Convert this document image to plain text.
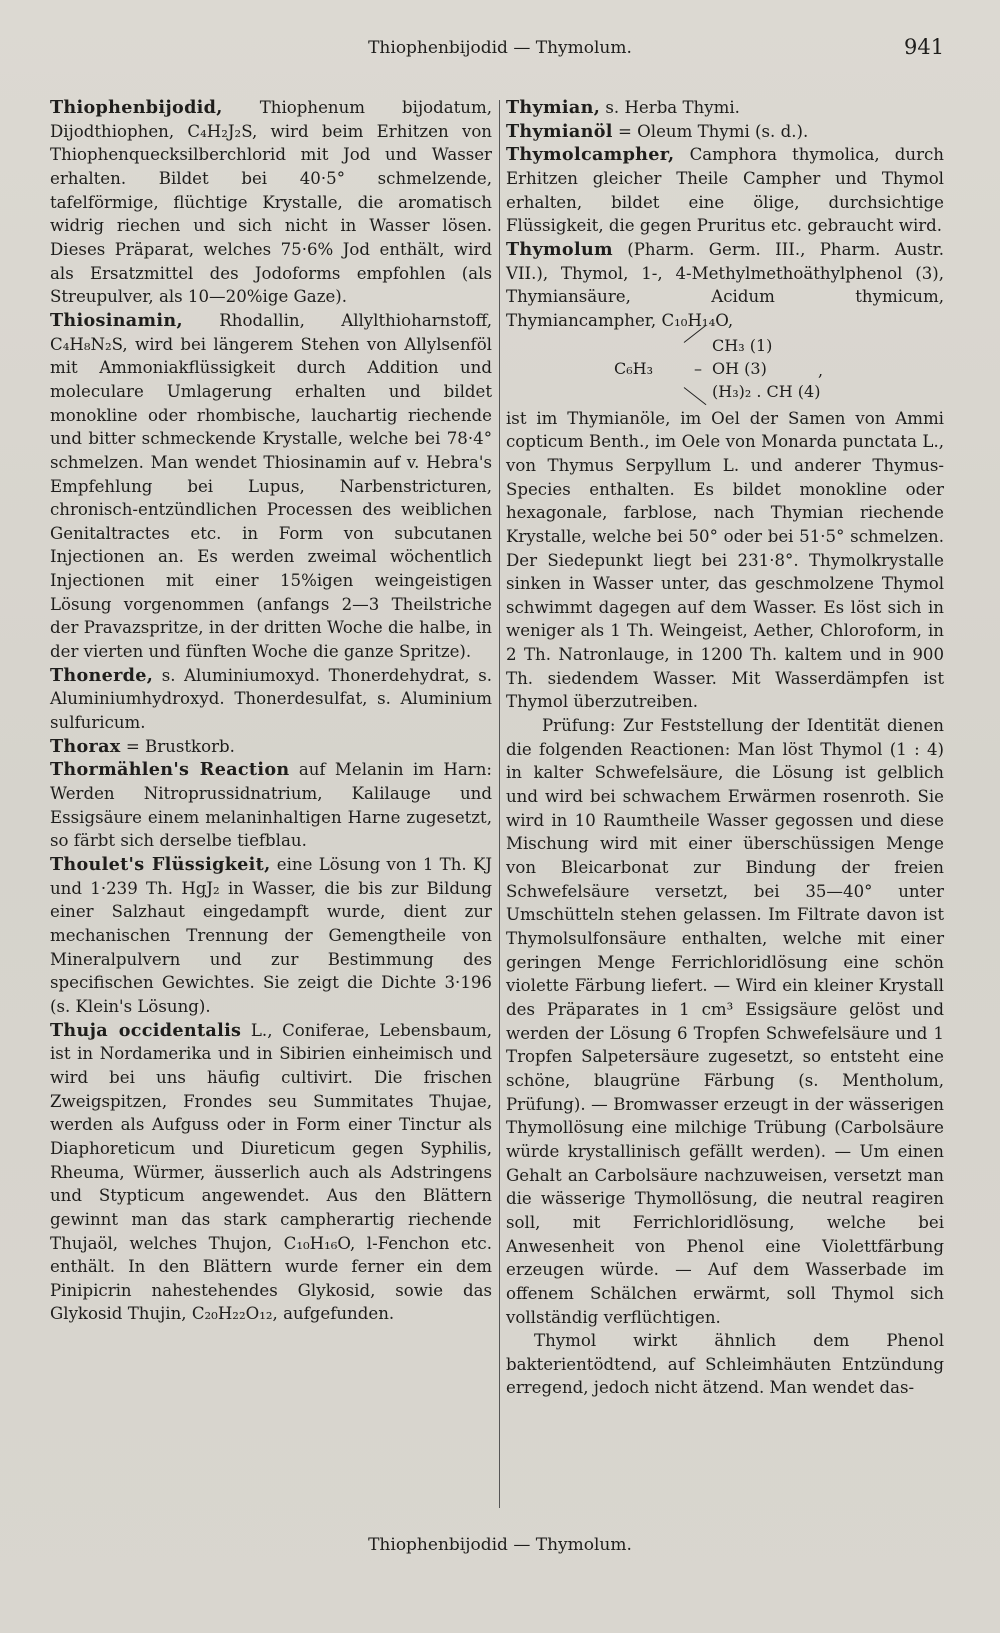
Thiophenbijodid — Thymolum.	941

Thiophenbijodid, Thiophenum bijodatum, Dijodthiophen, C₄H₂J₂S, wird beim Erhitzen von Thiophenquecksilberchlorid mit Jod und Wasser erhalten. Bildet bei 40·5° schmelzende, tafelförmige, flüchtige Krystalle, die aromatisch widrig riechen und sich nicht in Wasser lösen. Dieses Präparat, welches 75·6% Jod enthält, wird als Ersatzmittel des Jodoforms empfohlen (als Streupulver, als 10—20%ige Gaze).

Thiosinamin, Rhodallin, Allylthioharnstoff, C₄H₈N₂S, wird bei längerem Stehen von Allylsenföl mit Ammoniakflüssigkeit durch Addition und moleculare Umlagerung erhalten und bildet monokline oder rhombische, lauchartig riechende und bitter schmeckende Krystalle, welche bei 78·4° schmelzen. Man wendet Thiosinamin auf v. Hebra's Empfehlung bei Lupus, Narbenstricturen, chronisch-entzündlichen Processen des weiblichen Genitaltractes etc. in Form von subcutanen Injectionen an. Es werden zweimal wöchentlich Injectionen mit einer 15%igen weingeistigen Lösung vorgenommen (anfangs 2—3 Theilstriche der Pravazspritze, in der dritten Woche die halbe, in der vierten und fünften Woche die ganze Spritze).

Thonerde, s. Aluminiumoxyd. Thonerdehydrat, s. Aluminiumhydroxyd. Thonerdesulfat, s. Aluminium sulfuricum.

Thorax = Brustkorb.

Thormählen's Reaction auf Melanin im Harn: Werden Nitroprussidnatrium, Kalilauge und Essigsäure einem melaninhaltigen Harne zugesetzt, so färbt sich derselbe tiefblau.

Thoulet's Flüssigkeit, eine Lösung von 1 Th. KJ und 1·239 Th. HgJ₂ in Wasser, die bis zur Bildung einer Salzhaut eingedampft wurde, dient zur mechanischen Trennung der Gemengtheile von Mineralpulvern und zur Bestimmung des specifischen Gewichtes. Sie zeigt die Dichte 3·196 (s. Klein's Lösung).

Thuja occidentalis L., Coniferae, Lebensbaum, ist in Nordamerika und in Sibirien einheimisch und wird bei uns häufig cultivirt. Die frischen Zweigspitzen, Frondes seu Summitates Thujae, werden als Aufguss oder in Form einer Tinctur als Diaphoreticum und Diureticum gegen Syphilis, Rheuma, Würmer, äusserlich auch als Adstringens und Stypticum angewendet. Aus den Blättern gewinnt man das stark campherartig riechende Thujaöl, welches Thujon, C₁₀H₁₆O, l-Fenchon etc. enthält. In den Blättern wurde ferner ein dem Pinipicrin nahestehendes Glykosid, sowie das Glykosid Thujin, C₂₀H₂₂O₁₂, aufgefunden.

Thymian, s. Herba Thymi.

Thymianöl = Oleum Thymi (s. d.).

Thymolcampher, Camphora thymolica, durch Erhitzen gleicher Theile Campher und Thymol erhalten, bildet eine ölige, durchsichtige Flüssigkeit, die gegen Pruritus etc. gebraucht wird.

Thymolum (Pharm. Germ. III., Pharm. Austr. VII.), Thymol, 1-, 4-Methylmethoäthylphenol (3), Thymiansäure, Acidum thymicum, Thymiancampher, C₁₀H₁₄O,

C₆H₃
CH₃ (1)
– OH (3)
(H₃)₂ . CH (4)
,

ist im Thymianöle, im Oel der Samen von Ammi copticum Benth., im Oele von Monarda punctata L., von Thymus Serpyllum L. und anderer Thymus-Species enthalten. Es bildet monokline oder hexagonale, farblose, nach Thymian riechende Krystalle, welche bei 50° oder bei 51·5° schmelzen. Der Siedepunkt liegt bei 231·8°. Thymolkrystalle sinken in Wasser unter, das geschmolzene Thymol schwimmt dagegen auf dem Wasser. Es löst sich in weniger als 1 Th. Weingeist, Aether, Chloroform, in 2 Th. Natronlauge, in 1200 Th. kaltem und in 900 Th. siedendem Wasser. Mit Wasserdämpfen ist Thymol überzutreiben.

Prüfung: Zur Feststellung der Identität dienen die folgenden Reactionen: Man löst Thymol (1 : 4) in kalter Schwefelsäure, die Lösung ist gelblich und wird bei schwachem Erwärmen rosenroth. Sie wird in 10 Raumtheile Wasser gegossen und diese Mischung wird mit einer überschüssigen Menge von Bleicarbonat zur Bindung der freien Schwefelsäure versetzt, bei 35—40° unter Umschütteln stehen gelassen. Im Filtrate davon ist Thymolsulfonsäure enthalten, welche mit einer geringen Menge Ferrichloridlösung eine schön violette Färbung liefert. — Wird ein kleiner Krystall des Präparates in 1 cm³ Essigsäure gelöst und werden der Lösung 6 Tropfen Schwefelsäure und 1 Tropfen Salpetersäure zugesetzt, so entsteht eine schöne, blaugrüne Färbung (s. Mentholum, Prüfung). — Bromwasser erzeugt in der wässerigen Thymollösung eine milchige Trübung (Carbolsäure würde krystallinisch gefällt werden). — Um einen Gehalt an Carbolsäure nachzuweisen, versetzt man die wässerige Thymollösung, die neutral reagiren soll, mit Ferrichloridlösung, welche bei Anwesenheit von Phenol eine Violettfärbung erzeugen würde. — Auf dem Wasserbade im offenem Schälchen erwärmt, soll Thymol sich vollständig verflüchtigen.

Thymol wirkt ähnlich dem Phenol bakterientödtend, auf Schleimhäuten Entzündung erregend, jedoch nicht ätzend. Man wendet das-

Thiophenbijodid — Thymolum.
